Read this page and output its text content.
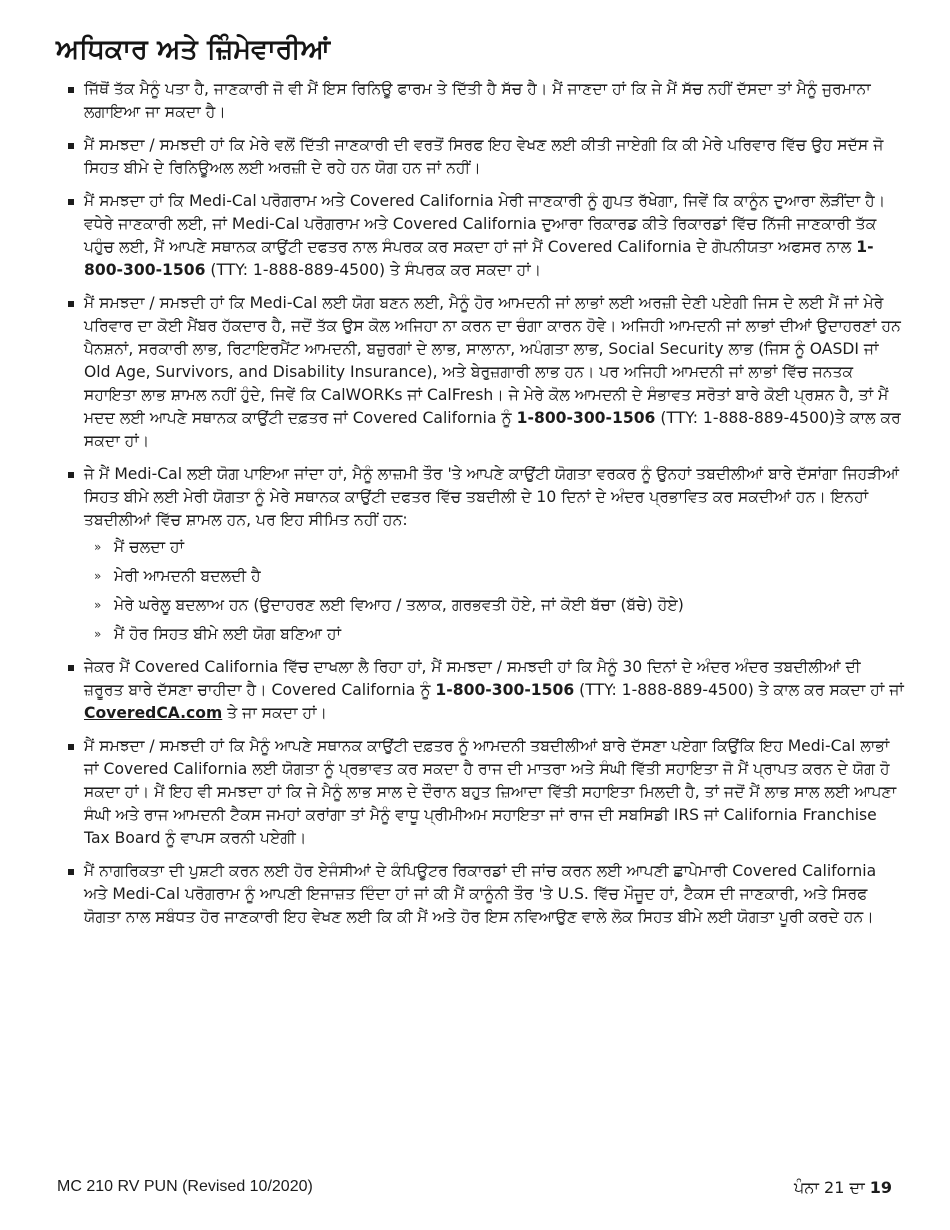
ਅਧਿਕਾਰ ਅਤੇ ਜ਼ਿੰਮੇਵਾਰੀਆਂ
ਜਿੱਥੋਂ ਤੱਕ ਮੈਨੂੰ ਪਤਾ ਹੈ, ਜਾਣਕਾਰੀ ਜੋ ਵੀ ਮੈਂ ਇਸ ਰਿਨਿਊ ਫਾਰਮ ਤੇ ਦਿੱਤੀ ਹੈ ਸੱਚ ਹੈ। ਮੈਂ ਜਾਣਦਾ ਹਾਂ ਕਿ ਜੇ ਮੈਂ ਸੱਚ ਨਹੀਂ ਦੱਸਦਾ ਤਾਂ ਮੈਨੂੰ ਜੁਰਮਾਨਾ ਲਗਾਇਆ ਜਾ ਸਕਦਾ ਹੈ।
ਮੈਂ ਸਮਝਦਾ / ਸਮਝਦੀ ਹਾਂ ਕਿ ਮੇਰੇ ਵਲੋਂ ਦਿੱਤੀ ਜਾਣਕਾਰੀ ਦੀ ਵਰਤੋਂ ਸਿਰਫ ਇਹ ਵੇਖਣ ਲਈ ਕੀਤੀ ਜਾਏਗੀ ਕਿ ਕੀ ਮੇਰੇ ਪਰਿਵਾਰ ਵਿੱਚ ਉਹ ਸਦੱਸ ਜੋ ਸਿਹਤ ਬੀਮੇ ਦੇ ਰਿਨਿਊਅਲ ਲਈ ਅਰਜ਼ੀ ਦੇ ਰਹੇ ਹਨ ਯੋਗ ਹਨ ਜਾਂ ਨਹੀਂ।
ਮੈਂ ਸਮਝਦਾ ਹਾਂ ਕਿ Medi-Cal ਪਰੋਗਰਾਮ ਅਤੇ Covered California ਮੇਰੀ ਜਾਣਕਾਰੀ ਨੂੰ ਗੁਪਤ ਰੱਖੇਗਾ, ਜਿਵੇਂ ਕਿ ਕਾਨੂੰਨ ਦੁਆਰਾ ਲੋੜੀਂਦਾ ਹੈ। ਵਧੇਰੇ ਜਾਣਕਾਰੀ ਲਈ, ਜਾਂ Medi-Cal ਪਰੋਗਰਾਮ ਅਤੇ Covered California ਦੁਆਰਾ ਰਿਕਾਰਡ ਕੀਤੇ ਰਿਕਾਰਡਾਂ ਵਿੱਚ ਨਿੱਜੀ ਜਾਣਕਾਰੀ ਤੱਕ ਪਹੁੰਚ ਲਈ, ਮੈਂ ਆਪਣੇ ਸਥਾਨਕ ਕਾਉਂਟੀ ਦਫਤਰ ਨਾਲ ਸੰਪਰਕ ਕਰ ਸਕਦਾ ਹਾਂ ਜਾਂ ਮੈਂ Covered California ਦੇ ਗੋਪਨੀਯਤਾ ਅਫਸਰ ਨਾਲ 1-800-300-1506 (TTY: 1-888-889-4500) ਤੇ ਸੰਪਰਕ ਕਰ ਸਕਦਾ ਹਾਂ।
ਮੈਂ ਸਮਝਦਾ / ਸਮਝਦੀ ਹਾਂ ਕਿ Medi-Cal ਲਈ ਯੋਗ ਬਣਨ ਲਈ, ਮੈਨੂੰ ਹੋਰ ਆਮਦਨੀ ਜਾਂ ਲਾਭਾਂ ਲਈ ਅਰਜ਼ੀ ਦੇਣੀ ਪਏਗੀ ਜਿਸ ਦੇ ਲਈ ਮੈਂ ਜਾਂ ਮੇਰੇ ਪਰਿਵਾਰ ਦਾ ਕੋਈ ਮੈਂਬਰ ਹੱਕਦਾਰ ਹੈ, ਜਦੋਂ ਤੱਕ ਉਸ ਕੋਲ ਅਜਿਹਾ ਨਾ ਕਰਨ ਦਾ ਚੰਗਾ ਕਾਰਨ ਹੋਵੇ। ਅਜਿਹੀ ਆਮਦਨੀ ਜਾਂ ਲਾਭਾਂ ਦੀਆਂ ਉਦਾਹਰਣਾਂ ਹਨ ਪੈਨਸ਼ਨਾਂ, ਸਰਕਾਰੀ ਲਾਭ, ਰਿਟਾਇਰਮੈਂਟ ਆਮਦਨੀ, ਬਜ਼ੁਰਗਾਂ ਦੇ ਲਾਭ, ਸਾਲਾਨਾ, ਅਪੰਗਤਾ ਲਾਭ, Social Security ਲਾਭ (ਜਿਸ ਨੂੰ OASDI ਜਾਂ Old Age, Survivors, and Disability Insurance), ਅਤੇ ਬੇਰੁਜ਼ਗਾਰੀ ਲਾਭ ਹਨ। ਪਰ ਅਜਿਹੀ ਆਮਦਨੀ ਜਾਂ ਲਾਭਾਂ ਵਿੱਚ ਜਨਤਕ ਸਹਾਇਤਾ ਲਾਭ ਸ਼ਾਮਲ ਨਹੀਂ ਹੁੰਦੇ, ਜਿਵੇਂ ਕਿ CalWORKs ਜਾਂ CalFresh। ਜੇ ਮੇਰੇ ਕੋਲ ਆਮਦਨੀ ਦੇ ਸੰਭਾਵਤ ਸਰੋਤਾਂ ਬਾਰੇ ਕੋਈ ਪ੍ਰਸ਼ਨ ਹੈ, ਤਾਂ ਮੈਂ ਮਦਦ ਲਈ ਆਪਣੇ ਸਥਾਨਕ ਕਾਉਂਟੀ ਦਫ਼ਤਰ ਜਾਂ Covered California ਨੂੰ 1-800-300-1506 (TTY: 1-888-889-4500)ਤੇ ਕਾਲ ਕਰ ਸਕਦਾ ਹਾਂ।
ਜੇ ਮੈਂ Medi-Cal ਲਈ ਯੋਗ ਪਾਇਆ ਜਾਂਦਾ ਹਾਂ, ਮੈਨੂੰ ਲਾਜ਼ਮੀ ਤੌਰ 'ਤੇ ਆਪਣੇ ਕਾਉਂਟੀ ਯੋਗਤਾ ਵਰਕਰ ਨੂੰ ਉਨਹਾਂ ਤਬਦੀਲੀਆਂ ਬਾਰੇ ਦੱਸਾਂਗਾ ਜਿਹੜੀਆਂ ਸਿਹਤ ਬੀਮੇ ਲਈ ਮੇਰੀ ਯੋਗਤਾ ਨੂੰ ਮੇਰੇ ਸਥਾਨਕ ਕਾਉਂਟੀ ਦਫਤਰ ਵਿੱਚ ਤਬਦੀਲੀ ਦੇ 10 ਦਿਨਾਂ ਦੇ ਅੰਦਰ ਪ੍ਰਭਾਵਿਤ ਕਰ ਸਕਦੀਆਂ ਹਨ। ਇਨਹਾਂ ਤਬਦੀਲੀਆਂ ਵਿੱਚ ਸ਼ਾਮਲ ਹਨ, ਪਰ ਇਹ ਸੀਮਿਤ ਨਹੀਂ ਹਨ:
» ਮੈਂ ਚਲਦਾ ਹਾਂ
» ਮੇਰੀ ਆਮਦਨੀ ਬਦਲਦੀ ਹੈ
» ਮੇਰੇ ਘਰੇਲੂ ਬਦਲਾਅ ਹਨ (ਉਦਾਹਰਣ ਲਈ ਵਿਆਹ / ਤਲਾਕ, ਗਰਭਵਤੀ ਹੋਏ, ਜਾਂ ਕੋਈ ਬੱਚਾ (ਬੱਚੇ) ਹੋਏ)
» ਮੈਂ ਹੋਰ ਸਿਹਤ ਬੀਮੇ ਲਈ ਯੋਗ ਬਣਿਆ ਹਾਂ
ਜੇਕਰ ਮੈਂ Covered California ਵਿੱਚ ਦਾਖਲਾ ਲੈ ਰਿਹਾ ਹਾਂ, ਮੈਂ ਸਮਝਦਾ / ਸਮਝਦੀ ਹਾਂ ਕਿ ਮੈਨੂੰ 30 ਦਿਨਾਂ ਦੇ ਅੰਦਰ ਅੰਦਰ ਤਬਦੀਲੀਆਂ ਦੀ ਜ਼ਰੂਰਤ ਬਾਰੇ ਦੱਸਣਾ ਚਾਹੀਦਾ ਹੈ। Covered California ਨੂੰ 1-800-300-1506 (TTY: 1-888-889-4500) ਤੇ ਕਾਲ ਕਰ ਸਕਦਾ ਹਾਂ ਜਾਂ CoveredCA.com ਤੇ ਜਾ ਸਕਦਾ ਹਾਂ।
ਮੈਂ ਸਮਝਦਾ / ਸਮਝਦੀ ਹਾਂ ਕਿ ਮੈਨੂੰ ਆਪਣੇ ਸਥਾਨਕ ਕਾਉਂਟੀ ਦਫ਼ਤਰ ਨੂੰ ਆਮਦਨੀ ਤਬਦੀਲੀਆਂ ਬਾਰੇ ਦੱਸਣਾ ਪਏਗਾ ਕਿਉਂਕਿ ਇਹ Medi-Cal ਲਾਭਾਂ ਜਾਂ Covered California ਲਈ ਯੋਗਤਾ ਨੂੰ ਪ੍ਰਭਾਵਤ ਕਰ ਸਕਦਾ ਹੈ ਰਾਜ ਦੀ ਮਾਤਰਾ ਅਤੇ ਸੰਘੀ ਵਿੱਤੀ ਸਹਾਇਤਾ ਜੋ ਮੈਂ ਪ੍ਰਾਪਤ ਕਰਨ ਦੇ ਯੋਗ ਹੋ ਸਕਦਾ ਹਾਂ। ਮੈਂ ਇਹ ਵੀ ਸਮਝਦਾ ਹਾਂ ਕਿ ਜੇ ਮੈਨੂੰ ਲਾਭ ਸਾਲ ਦੇ ਦੌਰਾਨ ਬਹੁਤ ਜ਼ਿਆਦਾ ਵਿੱਤੀ ਸਹਾਇਤਾ ਮਿਲਦੀ ਹੈ, ਤਾਂ ਜਦੋਂ ਮੈਂ ਲਾਭ ਸਾਲ ਲਈ ਆਪਣਾ ਸੰਘੀ ਅਤੇ ਰਾਜ ਆਮਦਨੀ ਟੈਕਸ ਜਮਹਾਂ ਕਰਾਂਗਾ ਤਾਂ ਮੈਨੂੰ ਵਾਧੂ ਪ੍ਰੀਮੀਅਮ ਸਹਾਇਤਾ ਜਾਂ ਰਾਜ ਦੀ ਸਬਸਿਡੀ IRS ਜਾਂ California Franchise Tax Board ਨੂੰ ਵਾਪਸ ਕਰਨੀ ਪਏਗੀ।
ਮੈਂ ਨਾਗਰਿਕਤਾ ਦੀ ਪੁਸ਼ਟੀ ਕਰਨ ਲਈ ਹੋਰ ਏਜੰਸੀਆਂ ਦੇ ਕੰਪਿਊਟਰ ਰਿਕਾਰਡਾਂ ਦੀ ਜਾਂਚ ਕਰਨ ਲਈ ਆਪਣੀ ਛਾਪੇਮਾਰੀ Covered California ਅਤੇ Medi-Cal ਪਰੋਗਰਾਮ ਨੂੰ ਆਪਣੀ ਇਜਾਜ਼ਤ ਦਿੰਦਾ ਹਾਂ ਜਾਂ ਕੀ ਮੈਂ ਕਾਨੂੰਨੀ ਤੌਰ 'ਤੇ U.S. ਵਿੱਚ ਮੌਜੂਦ ਹਾਂ, ਟੈਕਸ ਦੀ ਜਾਣਕਾਰੀ, ਅਤੇ ਸਿਰਫ ਯੋਗਤਾ ਨਾਲ ਸਬੰਧਤ ਹੋਰ ਜਾਣਕਾਰੀ ਇਹ ਵੇਖਣ ਲਈ ਕਿ ਕੀ ਮੈਂ ਅਤੇ ਹੋਰ ਇਸ ਨਵਿਆਉਣ ਵਾਲੇ ਲੋਕ ਸਿਹਤ ਬੀਮੇ ਲਈ ਯੋਗਤਾ ਪੂਰੀ ਕਰਦੇ ਹਨ।
MC 210 RV PUN (Revised 10/2020)	ਪੰਨਾ 21 ਦਾ 19
